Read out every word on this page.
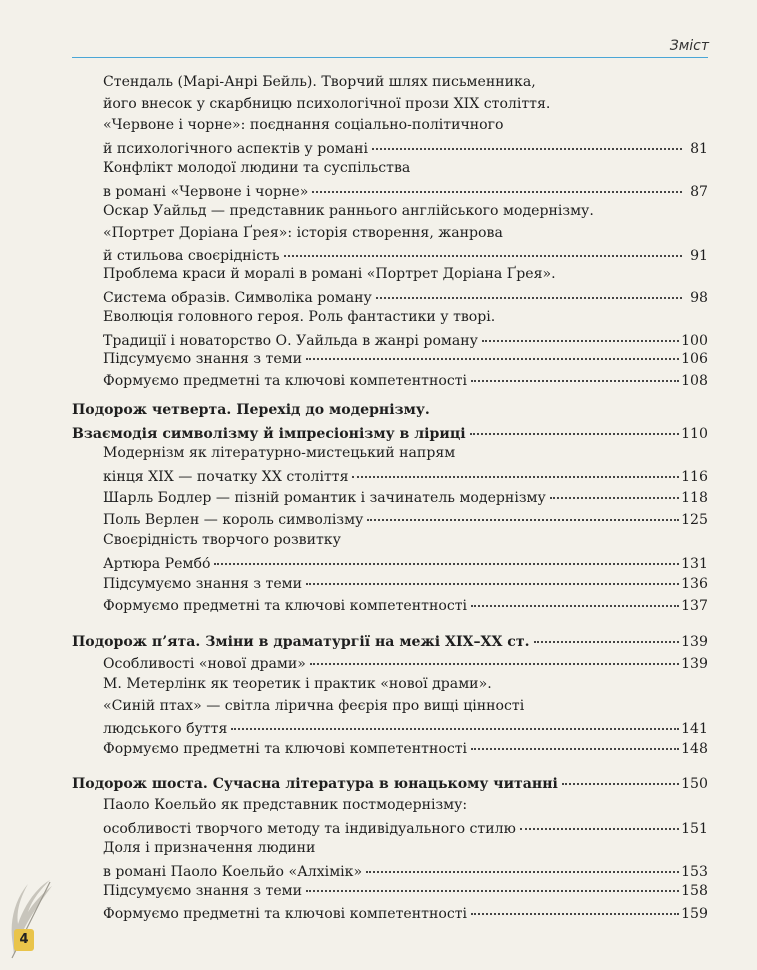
Зміст
Стендаль (Марі-Анрі Бейль). Творчий шлях письменника,
його внесок у скарбницю психологічної прози XIX століття.
«Червоне і чорне»: поєднання соціально-політичного
й психологічного аспектів у романі	81
Конфлікт молодої людини та суспільства
в романі «Червоне і чорне»	87
Оскар Уайльд — представник раннього англійського модернізму.
«Портрет Доріана Ґрея»: історія створення, жанрова
й стильова своєрідність	91
Проблема краси й моралі в романі «Портрет Доріана Ґрея».
Система образів. Символіка роману	98
Еволюція головного героя. Роль фантастики у творі.
Традиції і новаторство О. Уайльда в жанрі роману	100
Підсумуємо знання з теми	106
Формуємо предметні та ключові компетентності	108
Подорож четверта. Перехід до модернізму.
Взаємодія символізму й імпресіонізму в ліриці	110
Модернізм як літературно-мистецький напрям
кінця XIX — початку XX століття	116
Шарль Бодлер — пізній романтик і зачинатель модернізму	118
Поль Верлен — король символізму	125
Своєрідність творчого розвитку
Артюра Рембо́	131
Підсумуємо знання з теми	136
Формуємо предметні та ключові компетентності	137
Подорож п’ята. Зміни в драматургії на межі XIX–XX ст.	139
Особливості «нової драми»	139
М. Метерлінк як теоретик і практик «нової драми».
«Синій птах» — світла лірична феєрія про вищі цінності
людського буття	141
Формуємо предметні та ключові компетентності	148
Подорож шоста. Сучасна література в юнацькому читанні	150
Паоло Коельйо як представник постмодернізму:
особливості творчого методу та індивідуального стилю	151
Доля і призначення людини
в романі Паоло Коельйо «Алхімік»	153
Підсумуємо знання з теми	158
Формуємо предметні та ключові компетентності	159
4
